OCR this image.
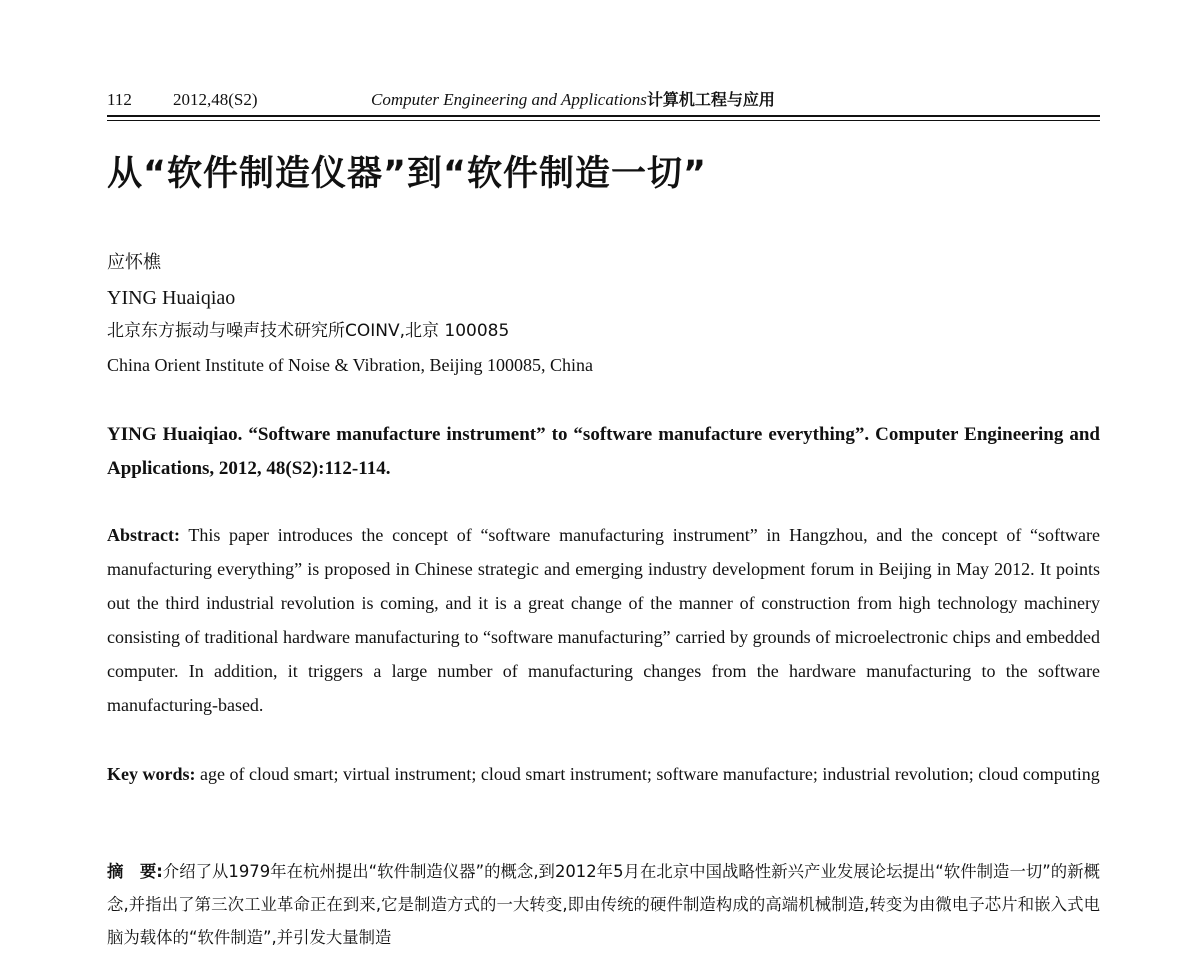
112 2012,48(S2)	Computer Engineering and Applications计算机工程与应用
从“软件制造仪器”到“软件制造一切”
应怀樵
YING Huaiqiao
北京东方振动与噪声技术研究所COINV,北京 100085
China Orient Institute of Noise & Vibration, Beijing 100085, China
YING Huaiqiao. “Software manufacture instrument” to “software manufacture everything”. Computer Engineering and Applications, 2012, 48(S2):112-114.
Abstract: This paper introduces the concept of “software manufacturing instrument” in Hangzhou, and the concept of “software manufacturing everything” is proposed in Chinese strategic and emerging industry development forum in Beijing in May 2012. It points out the third industrial revolution is coming, and it is a great change of the manner of construction from high technology machinery consisting of traditional hardware manufacturing to “software manufacturing” carried by grounds of microelectronic chips and embedded computer. In addition, it triggers a large number of manufacturing changes from the hardware manufacturing to the software manufacturing-based.
Key words: age of cloud smart; virtual instrument; cloud smart instrument; software manufacture; industrial revolution; cloud computing
摘　要:介绍了从1979年在杭州提出“软件制造仪器”的概念,到2012年5月在北京中国战略性新兴产业发展论坛提出“软件制造一切”的新概念,并指出了第三次工业革命正在到来,它是制造方式的一大转变,即由传统的硬件制造构成的高端机械制造,转变为由微电子芯片和嵌入式电脑为载体的“软件制造”,并引发大量制造
